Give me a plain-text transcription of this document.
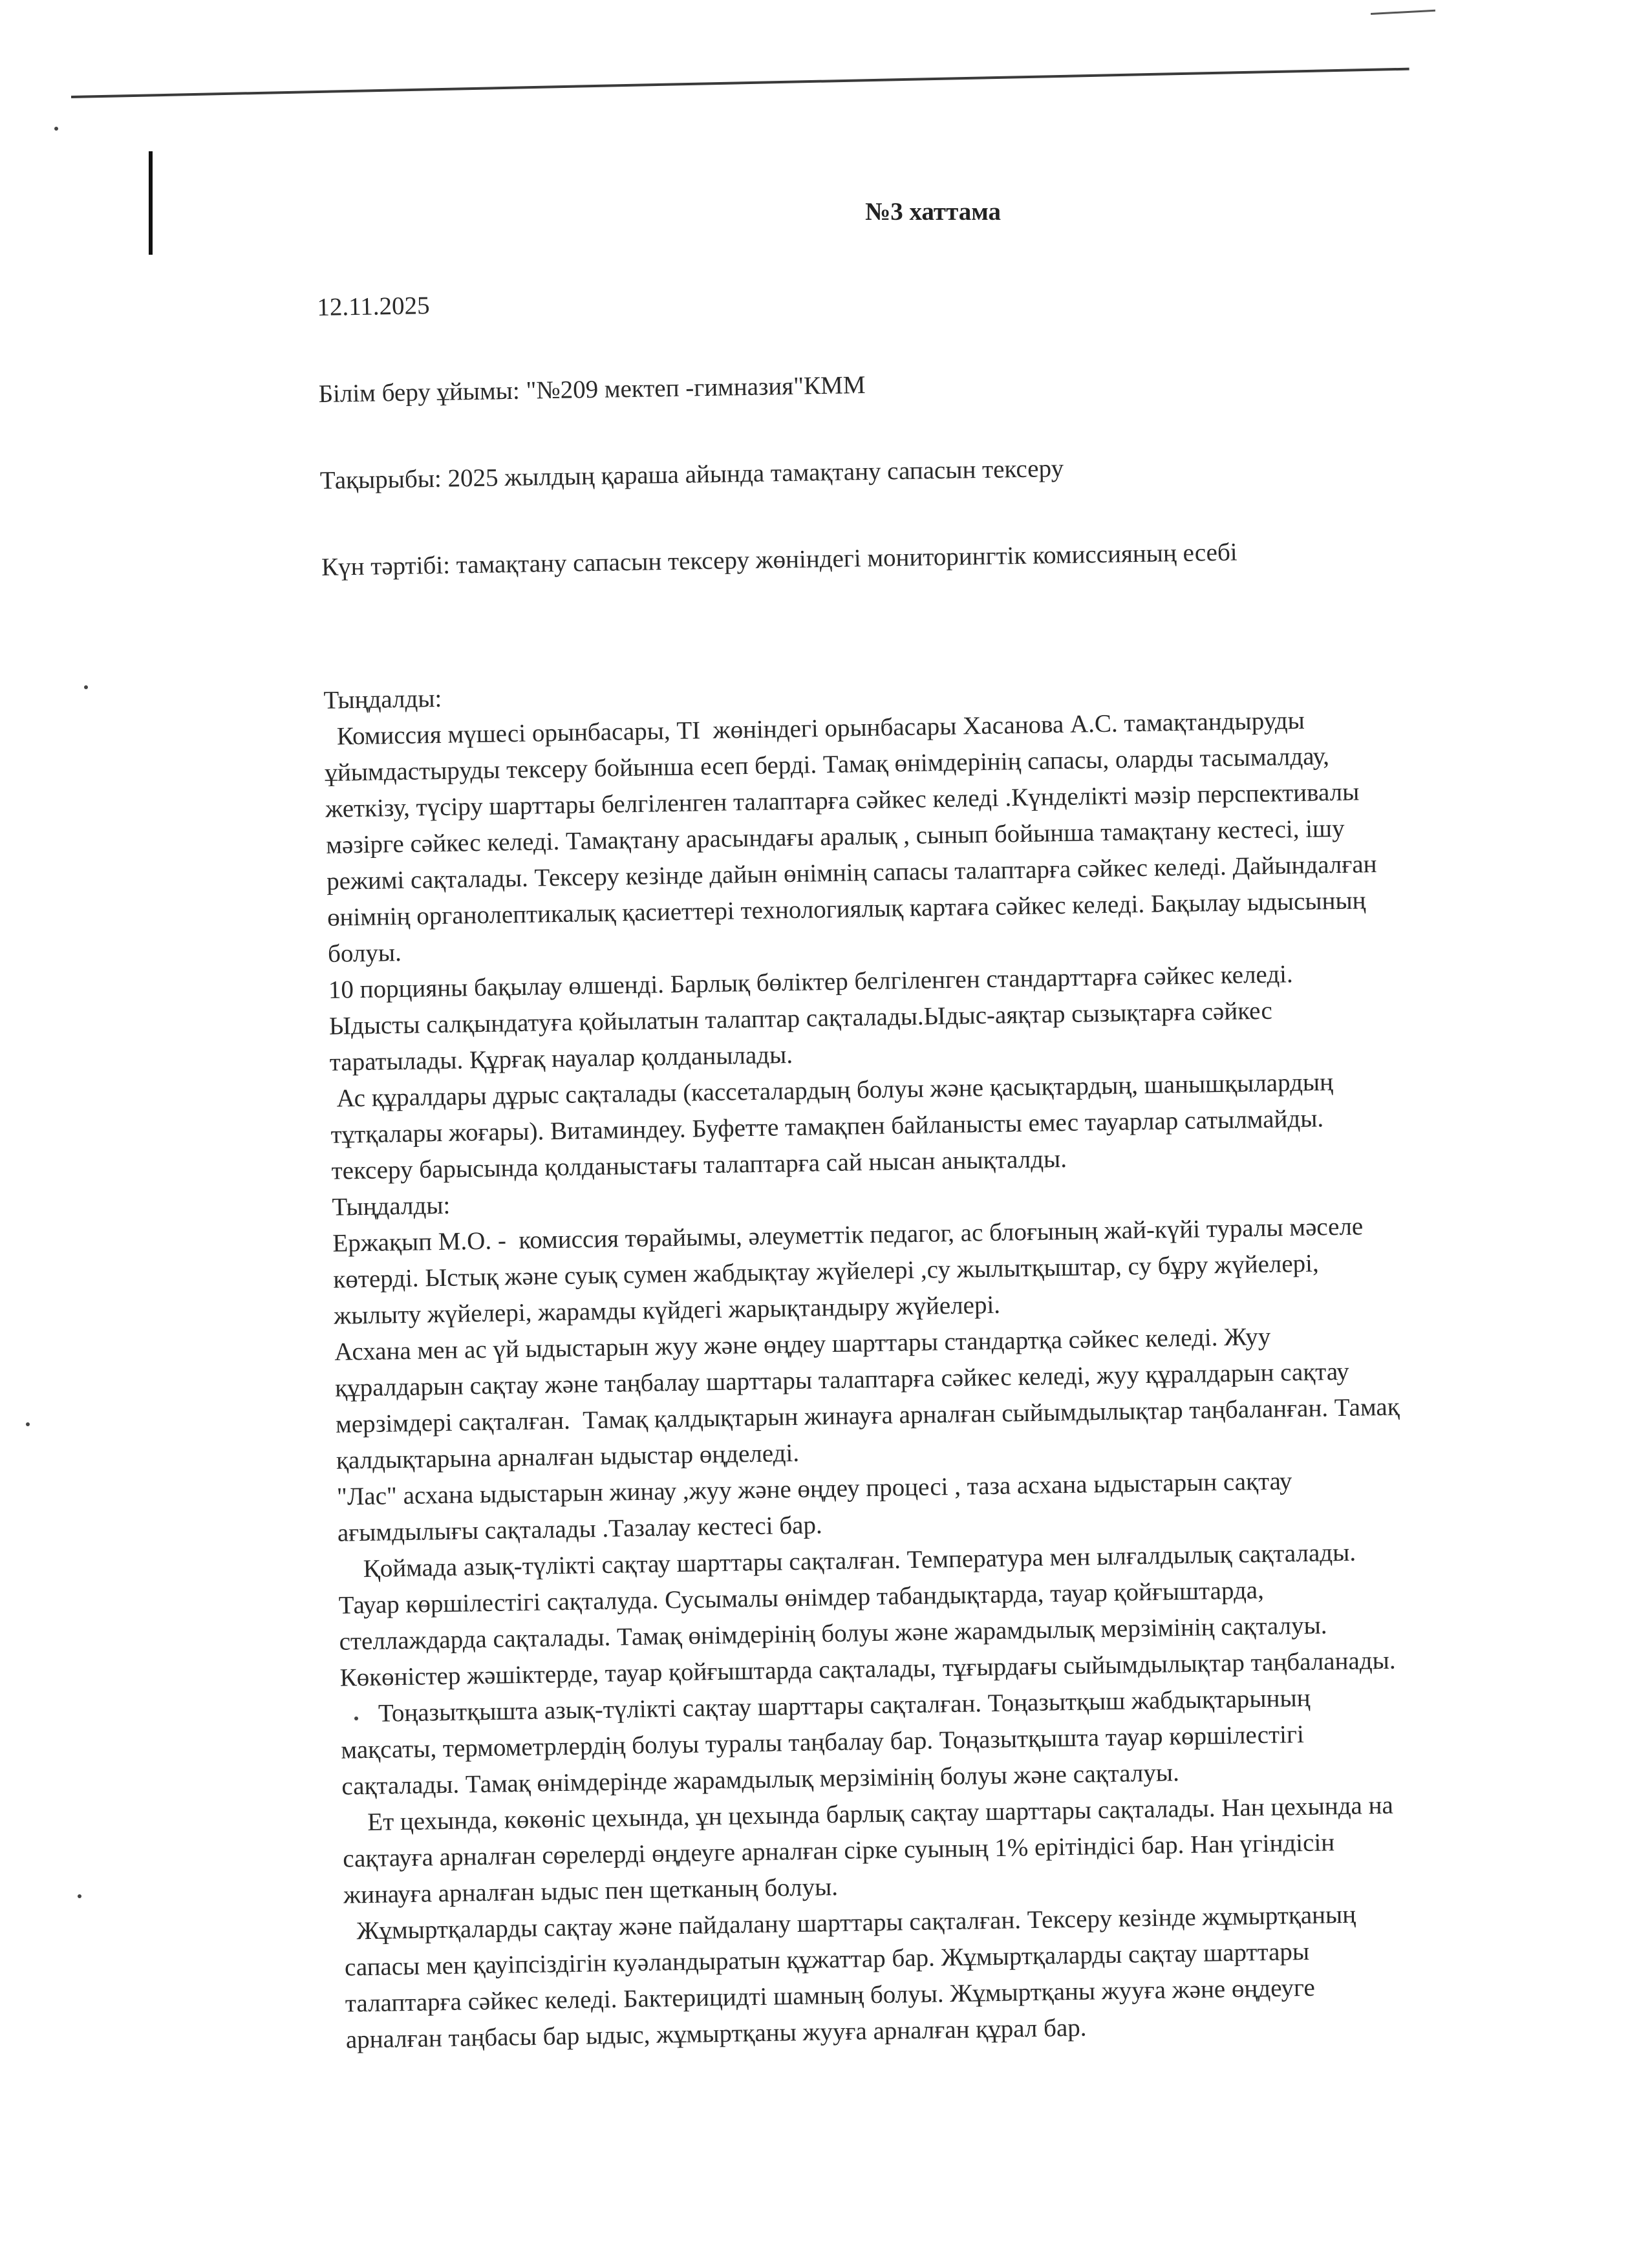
№3 хаттама
12.11.2025
Білім беру ұйымы: "№209 мектеп -гимназия"КММ
Тақырыбы: 2025 жылдың қараша айында тамақтану сапасын тексеру
Күн тәртібі: тамақтану сапасын тексеру жөніндегі мониторингтік комиссияның есебі
Тыңдалды:
Комиссия мүшесі орынбасары, ТІ  жөніндегі орынбасары Хасанова А.С. тамақтандыруды
ұйымдастыруды тексеру бойынша есеп берді. Тамақ өнімдерінің сапасы, оларды тасымалдау,
жеткізу, түсіру шарттары белгіленген талаптарға сәйкес келеді .Күнделікті мәзір перспективалы
мәзірге сәйкес келеді. Тамақтану арасындағы аралық , сынып бойынша тамақтану кестесі, ішу
режимі сақталады. Тексеру кезінде дайын өнімнің сапасы талаптарға сәйкес келеді. Дайындалған
өнімнің органолептикалық қасиеттері технологиялық картаға сәйкес келеді. Бақылау ыдысының
болуы.
10 порцияны бақылау өлшенді. Барлық бөліктер белгіленген стандарттарға сәйкес келеді.
Ыдысты салқындатуға қойылатын талаптар сақталады.Ыдыс-аяқтар сызықтарға сәйкес
таратылады. Құрғақ науалар қолданылады.
Ас құралдары дұрыс сақталады (кассеталардың болуы және қасықтардың, шанышқылардың
тұтқалары жоғары). Витаминдеу. Буфетте тамақпен байланысты емес тауарлар сатылмайды.
тексеру барысында қолданыстағы талаптарға сай нысан анықталды.
Тыңдалды:
Ержақып М.О. -  комиссия төрайымы, әлеуметтік педагог, ас блоғының жай-күйі туралы мәселе
көтерді. Ыстық және суық сумен жабдықтау жүйелері ,су жылытқыштар, су бұру жүйелері,
жылыту жүйелері, жарамды күйдегі жарықтандыру жүйелері.
Асхана мен ас үй ыдыстарын жуу және өңдеу шарттары стандартқа сәйкес келеді. Жуу
құралдарын сақтау және таңбалау шарттары талаптарға сәйкес келеді, жуу құралдарын сақтау
мерзімдері сақталған.  Тамақ қалдықтарын жинауға арналған сыйымдылықтар таңбаланған. Тамақ
қалдықтарына арналған ыдыстар өңделеді.
"Лас" асхана ыдыстарын жинау ,жуу және өңдеу процесі , таза асхана ыдыстарын сақтау
ағымдылығы сақталады .Тазалау кестесі бар.
Қоймада азық-түлікті сақтау шарттары сақталған. Температура мен ылғалдылық сақталады.
Тауар көршілестігі сақталуда. Сусымалы өнімдер табандықтарда, тауар қойғыштарда,
стеллаждарда сақталады. Тамақ өнімдерінің болуы және жарамдылық мерзімінің сақталуы.
Көкөністер жәшіктерде, тауар қойғыштарда сақталады, тұғырдағы сыйымдылықтар таңбаланады.
Тоңазытқышта азық-түлікті сақтау шарттары сақталған. Тоңазытқыш жабдықтарының
мақсаты, термометрлердің болуы туралы таңбалау бар. Тоңазытқышта тауар көршілестігі
сақталады. Тамақ өнімдерінде жарамдылық мерзімінің болуы және сақталуы.
Ет цехында, көкөніс цехында, ұн цехында барлық сақтау шарттары сақталады. Нан цехында на
сақтауға арналған сөрелерді өңдеуге арналған сірке суының 1% ерітіндісі бар. Нан үгіндісін
жинауға арналған ыдыс пен щетканың болуы.
Жұмыртқаларды сақтау және пайдалану шарттары сақталған. Тексеру кезінде жұмыртқаның
сапасы мен қауіпсіздігін куәландыратын құжаттар бар. Жұмыртқаларды сақтау шарттары
талаптарға сәйкес келеді. Бактерицидті шамның болуы. Жұмыртқаны жууға және өңдеуге
арналған таңбасы бар ыдыс, жұмыртқаны жууға арналған құрал бар.
